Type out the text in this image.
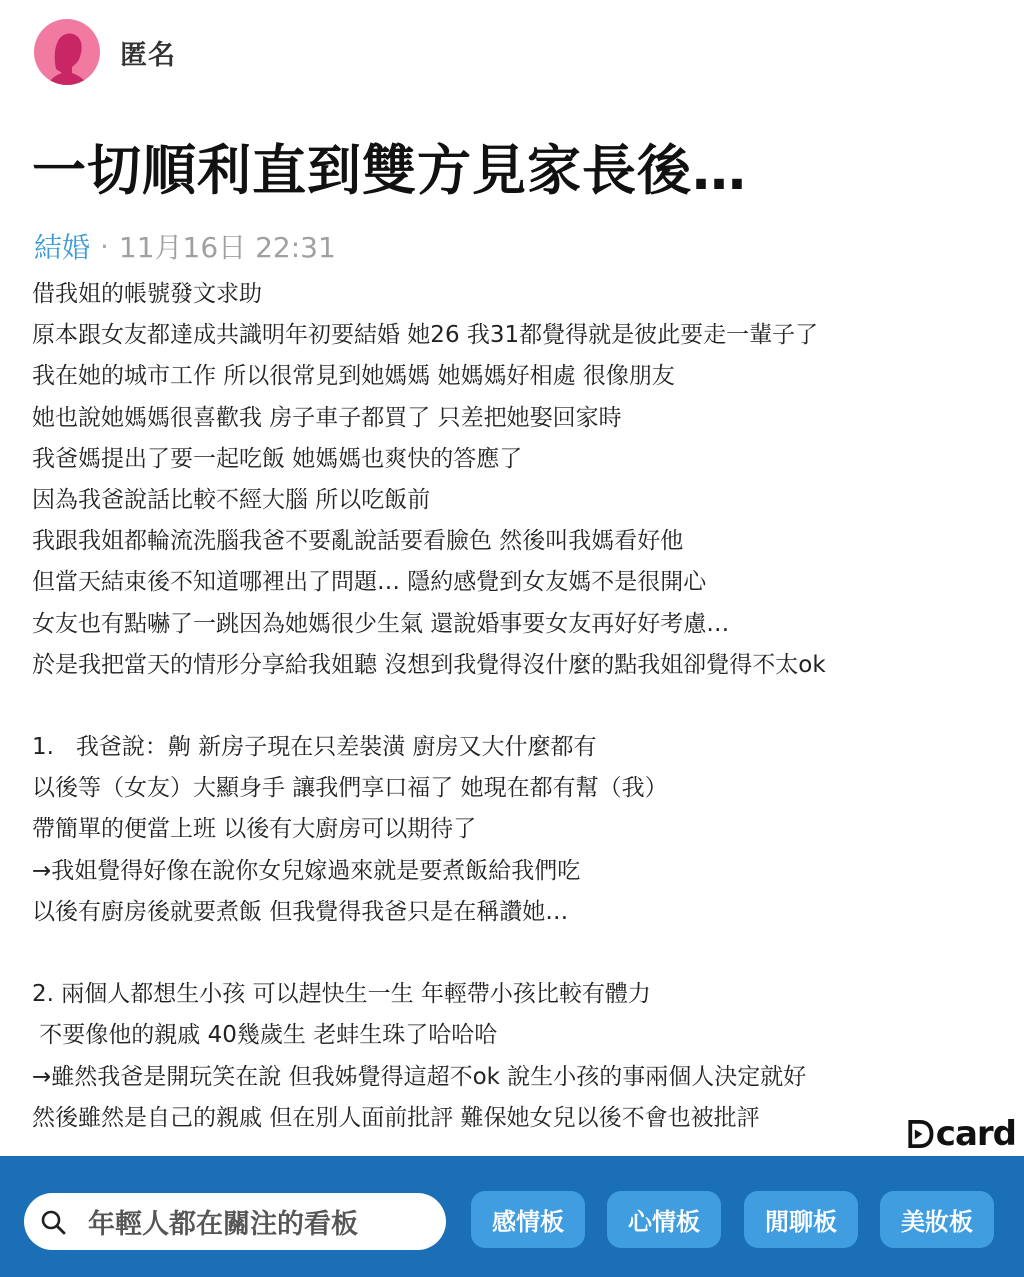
匿名
一切順利直到雙方見家長後…
結婚 · 11月16日 22:31
借我姐的帳號發文求助
原本跟女友都達成共識明年初要結婚 她26 我31都覺得就是彼此要走一輩子了
我在她的城市工作 所以很常見到她媽媽 她媽媽好相處 很像朋友
她也說她媽媽很喜歡我 房子車子都買了 只差把她娶回家時
我爸媽提出了要一起吃飯 她媽媽也爽快的答應了
因為我爸說話比較不經大腦 所以吃飯前
我跟我姐都輪流洗腦我爸不要亂說話要看臉色 然後叫我媽看好他
但當天結束後不知道哪裡出了問題… 隱約感覺到女友媽不是很開心
女友也有點嚇了一跳因為她媽很少生氣 還說婚事要女友再好好考慮…
於是我把當天的情形分享給我姐聽 沒想到我覺得沒什麼的點我姐卻覺得不太ok
1.   我爸說：齁 新房子現在只差裝潢 廚房又大什麼都有
以後等（女友）大顯身手 讓我們享口福了 她現在都有幫（我）
帶簡單的便當上班 以後有大廚房可以期待了
→我姐覺得好像在說你女兒嫁過來就是要煮飯給我們吃
以後有廚房後就要煮飯 但我覺得我爸只是在稱讚她…
2. 兩個人都想生小孩 可以趕快生一生 年輕帶小孩比較有體力
不要像他的親戚 40幾歲生 老蚌生珠了哈哈哈
→雖然我爸是開玩笑在說 但我姊覺得這超不ok 說生小孩的事兩個人決定就好
然後雖然是自己的親戚 但在別人面前批評 難保她女兒以後不會也被批評	card
年輕人都在關注的看板	感情板	心情板	閒聊板	美妝板
